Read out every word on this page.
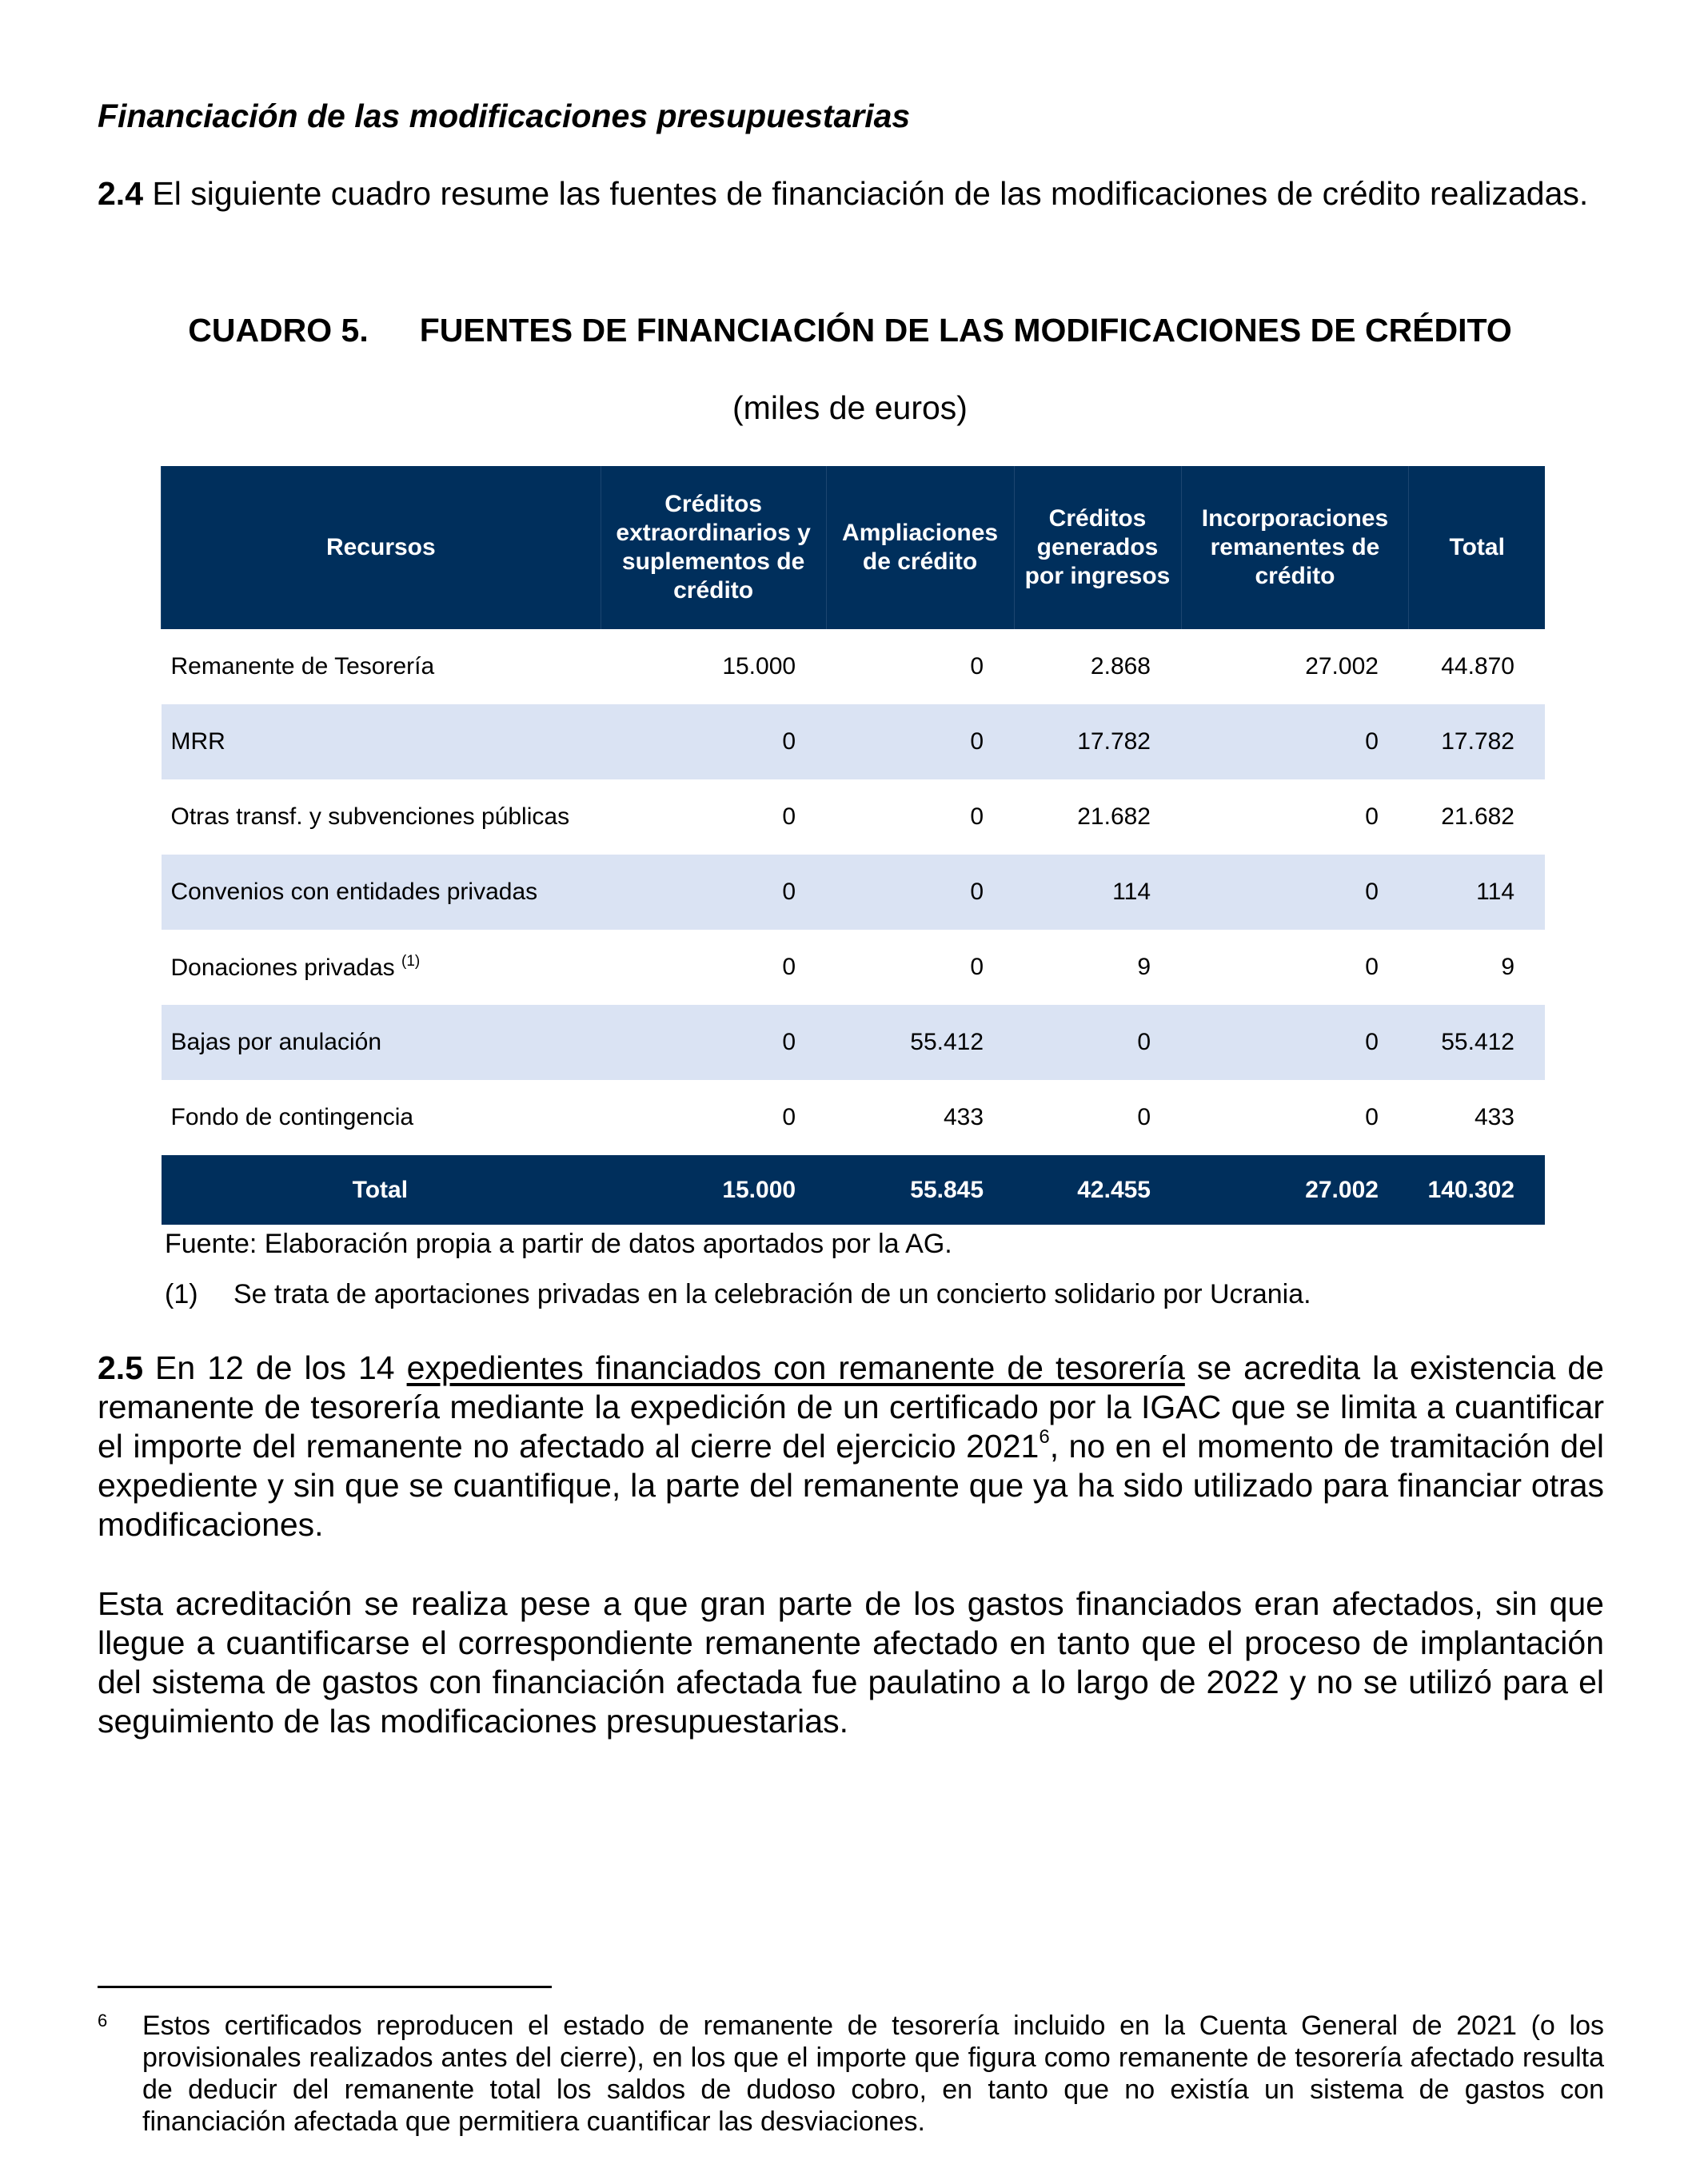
Financiación de las modificaciones presupuestarias
2.4 El siguiente cuadro resume las fuentes de financiación de las modificaciones de crédito realizadas.
CUADRO 5. FUENTES DE FINANCIACIÓN DE LAS MODIFICACIONES DE CRÉDITO
(miles de euros)
Recursos	Créditos extraordinarios y suplementos de crédito	Ampliaciones de crédito	Créditos generados por ingresos	Incorporaciones remanentes de crédito	Total
Remanente de Tesorería	15.000	0	2.868	27.002	44.870
MRR	0	0	17.782	0	17.782
Otras transf. y subvenciones públicas	0	0	21.682	0	21.682
Convenios con entidades privadas	0	0	114	0	114
Donaciones privadas $^{(1)}$	0	0	9	0	9
Bajas por anulación	0	55.412	0	0	55.412
Fondo de contingencia	0	433	0	0	433
Total	15.000	55.845	42.455	27.002	140.302
Fuente: Elaboración propia a partir de datos aportados por la AG.
(1) Se trata de aportaciones privadas en la celebración de un concierto solidario por Ucrania.
2.5 En 12 de los 14 expedientes financiados con remanente de tesorería se acredita la existencia de remanente de tesorería mediante la expedición de un certificado por la IGAC que se limita a cuantificar el importe del remanente no afectado al cierre del ejercicio 2021$^6$, no en el momento de tramitación del expediente y sin que se cuantifique, la parte del remanente que ya ha sido utilizado para financiar otras modificaciones.
Esta acreditación se realiza pese a que gran parte de los gastos financiados eran afectados, sin que llegue a cuantificarse el correspondiente remanente afectado en tanto que el proceso de implantación del sistema de gastos con financiación afectada fue paulatino a lo largo de 2022 y no se utilizó para el seguimiento de las modificaciones presupuestarias.
6 Estos certificados reproducen el estado de remanente de tesorería incluido en la Cuenta General de 2021 (o los provisionales realizados antes del cierre), en los que el importe que figura como remanente de tesorería afectado resulta de deducir del remanente total los saldos de dudoso cobro, en tanto que no existía un sistema de gastos con financiación afectada que permitiera cuantificar las desviaciones.
